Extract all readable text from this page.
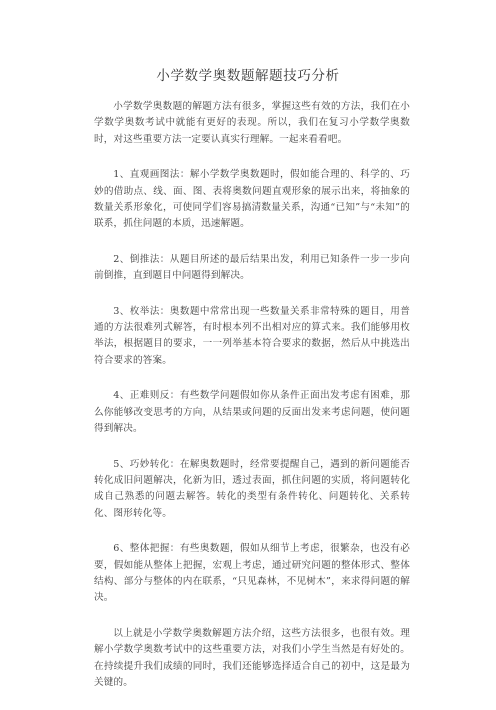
小学数学奥数题解题技巧分析

小学数学奥数题的解题方法有很多，掌握这些有效的方法，我们在小学数学奥数考试中就能有更好的表现。所以，我们在复习小学数学奥数时，对这些重要方法一定要认真实行理解。一起来看看吧。

1、直观画图法：解小学数学奥数题时，假如能合理的、科学的、巧妙的借助点、线、面、图、表将奥数问题直观形象的展示出来，将抽象的数量关系形象化，可使同学们容易搞清数量关系，沟通“已知”与“未知”的联系，抓住问题的本质，迅速解题。

2、倒推法：从题目所述的最后结果出发，利用已知条件一步一步向前倒推，直到题目中问题得到解决。

3、枚举法：奥数题中常常出现一些数量关系非常特殊的题目，用普通的方法很难列式解答，有时根本列不出相对应的算式来。我们能够用枚举法，根据题目的要求，一一列举基本符合要求的数据，然后从中挑选出符合要求的答案。

4、正难则反：有些数学问题假如你从条件正面出发考虑有困难，那么你能够改变思考的方向，从结果或问题的反面出发来考虑问题，使问题得到解决。

5、巧妙转化：在解奥数题时，经常要提醒自己，遇到的新问题能否转化成旧问题解决，化新为旧，透过表面，抓住问题的实质，将问题转化成自己熟悉的问题去解答。转化的类型有条件转化、问题转化、关系转化、图形转化等。

6、整体把握：有些奥数题，假如从细节上考虑，很繁杂，也没有必要，假如能从整体上把握，宏观上考虑，通过研究问题的整体形式、整体结构、部分与整体的内在联系，“只见森林，不见树木”，来求得问题的解决。

以上就是小学数学奥数解题方法介绍，这些方法很多，也很有效。理解小学数学奥数考试中的这些重要方法，对我们小学生当然是有好处的。在持续提升我们成绩的同时，我们还能够选择适合自己的初中，这是最为关键的。
